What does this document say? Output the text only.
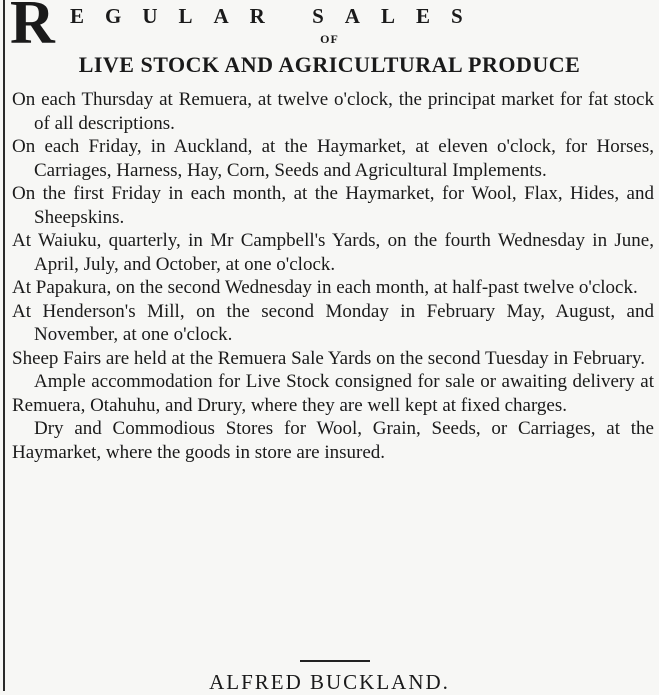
R EGULAR SALES
OF
LIVE STOCK AND AGRICULTURAL PRODUCE

On each Thursday at Remuera, at twelve o'clock, the principat market for fat stock of all descriptions.

On each Friday, in Auckland, at the Haymarket, at eleven o'clock, for Horses, Carriages, Harness, Hay, Corn, Seeds and Agricultural Implements.

On the first Friday in each month, at the Haymarket, for Wool, Flax, Hides, and Sheepskins.

At Waiuku, quarterly, in Mr Campbell's Yards, on the fourth Wednesday in June, April, July, and October, at one o'clock.

At Papakura, on the second Wednesday in each month, at half-past twelve o'clock.

At Henderson's Mill, on the second Monday in February May, August, and November, at one o'clock.

Sheep Fairs are held at the Remuera Sale Yards on the second Tuesday in February.

Ample accommodation for Live Stock consigned for sale or awaiting delivery at Remuera, Otahuhu, and Drury, where they are well kept at fixed charges.

Dry and Commodious Stores for Wool, Grain, Seeds, or Carriages, at the Haymarket, where the goods in store are insured.

ALFRED BUCKLAND.
